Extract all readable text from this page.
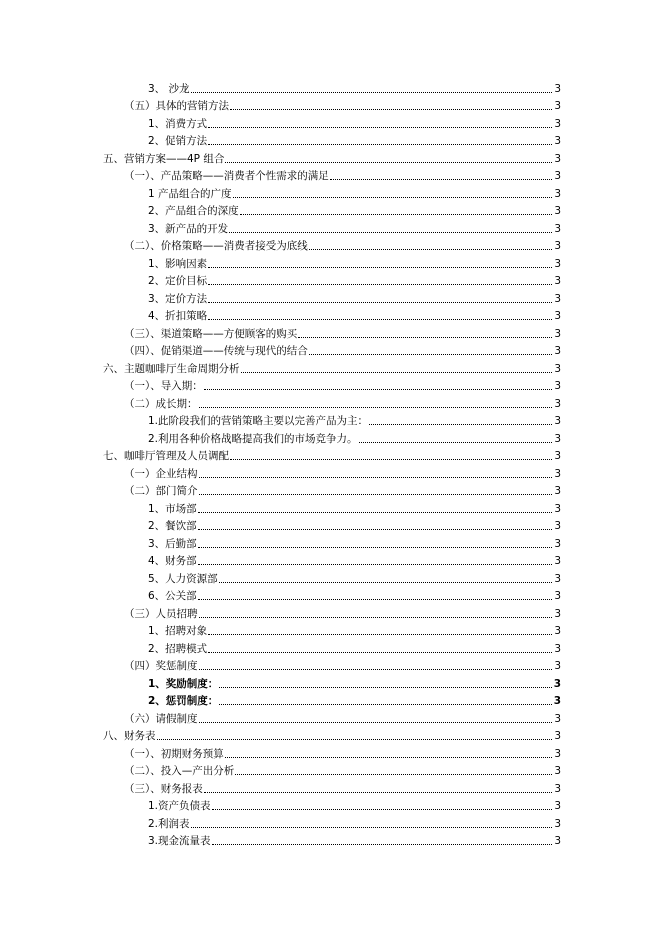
3、 沙龙	3
（五）具体的营销方法	3
1、消费方式	3
2、促销方法	3
五、营销方案——4P 组合	3
（一）、产品策略——消费者个性需求的满足	3
1 产品组合的广度	3
2、产品组合的深度	3
3、新产品的开发	3
（二）、价格策略——消费者接受为底线	3
1、影响因素	3
2、定价目标	3
3、定价方法	3
4、折扣策略	3
（三）、渠道策略——方便顾客的购买	3
（四）、促销渠道——传统与现代的结合	3
六、主题咖啡厅生命周期分析	3
（一）、导入期：	3
（二）成长期：	3
1.此阶段我们的营销策略主要以完善产品为主：	3
2.利用各种价格战略提高我们的市场竞争力。	3
七、咖啡厅管理及人员调配	3
（一）企业结构	3
（二）部门简介	3
1、市场部	3
2、餐饮部	3
3、后勤部	3
4、财务部	3
5、人力资源部	3
6、公关部	3
（三）人员招聘	3
1、招聘对象	3
2、招聘模式	3
（四）奖惩制度	3
1、奖励制度：	3
2、惩罚制度：	3
（六）请假制度	3
八、财务表	3
（一）、初期财务预算	3
（二）、投入—产出分析	3
（三）、财务报表	3
1.资产负债表	3
2.利润表	3
3.现金流量表	3
